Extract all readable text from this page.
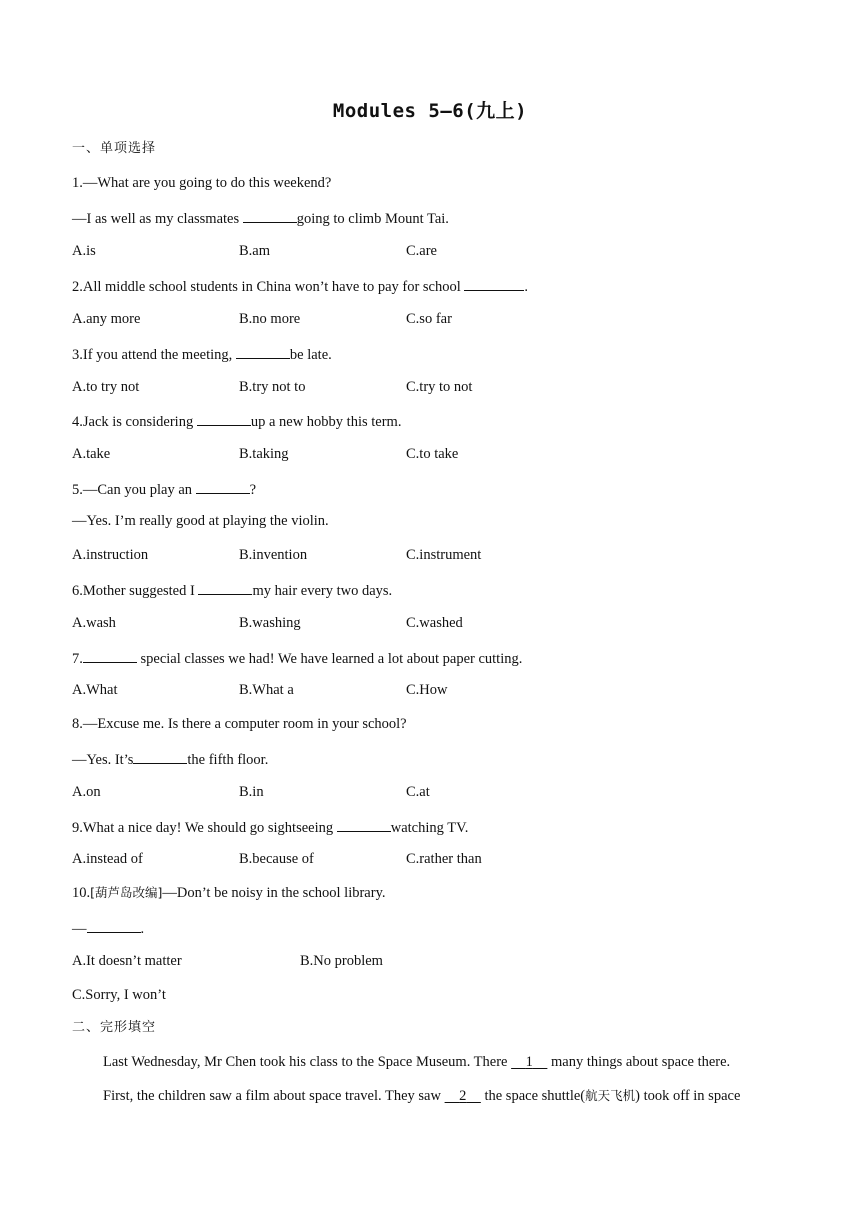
Modules 5—6(九上)
一、单项选择
1.—What are you going to do this weekend?
—I as well as my classmates	going to climb Mount Tai.
A.is	B.am	C.are
2.All middle school students in China won’t have to pay for school	.
A.any more	B.no more	C.so far
3.If you attend the meeting,	be late.
A.to try not	B.try not to	C.try to not
4.Jack is considering	up a new hobby this term.
A.take	B.taking	C.to take
5.—Can you play an	?
—Yes. I’m really good at playing the violin.
A.instruction	B.invention	C.instrument
6.Mother suggested I	my hair every two days.
A.wash	B.washing	C.washed
7.	special classes we had! We have learned a lot about paper cutting.
A.What	B.What a	C.How
8.—Excuse me. Is there a computer room in your school?
—Yes. It’s	the fifth floor.
A.on	B.in	C.at
9.What a nice day! We should go sightseeing	watching TV.
A.instead of	B.because of	C.rather than
10.[葫芦岛改编]—Don’t be noisy in the school library.
—	.
A.It doesn’t matter	B.No problem
C.Sorry, I won’t
二、完形填空
Last Wednesday, Mr Chen took his class to the Space Museum. There 1 many things about space there.
First, the children saw a film about space travel. They saw 2 the space shuttle(航天飞机) took off in space
